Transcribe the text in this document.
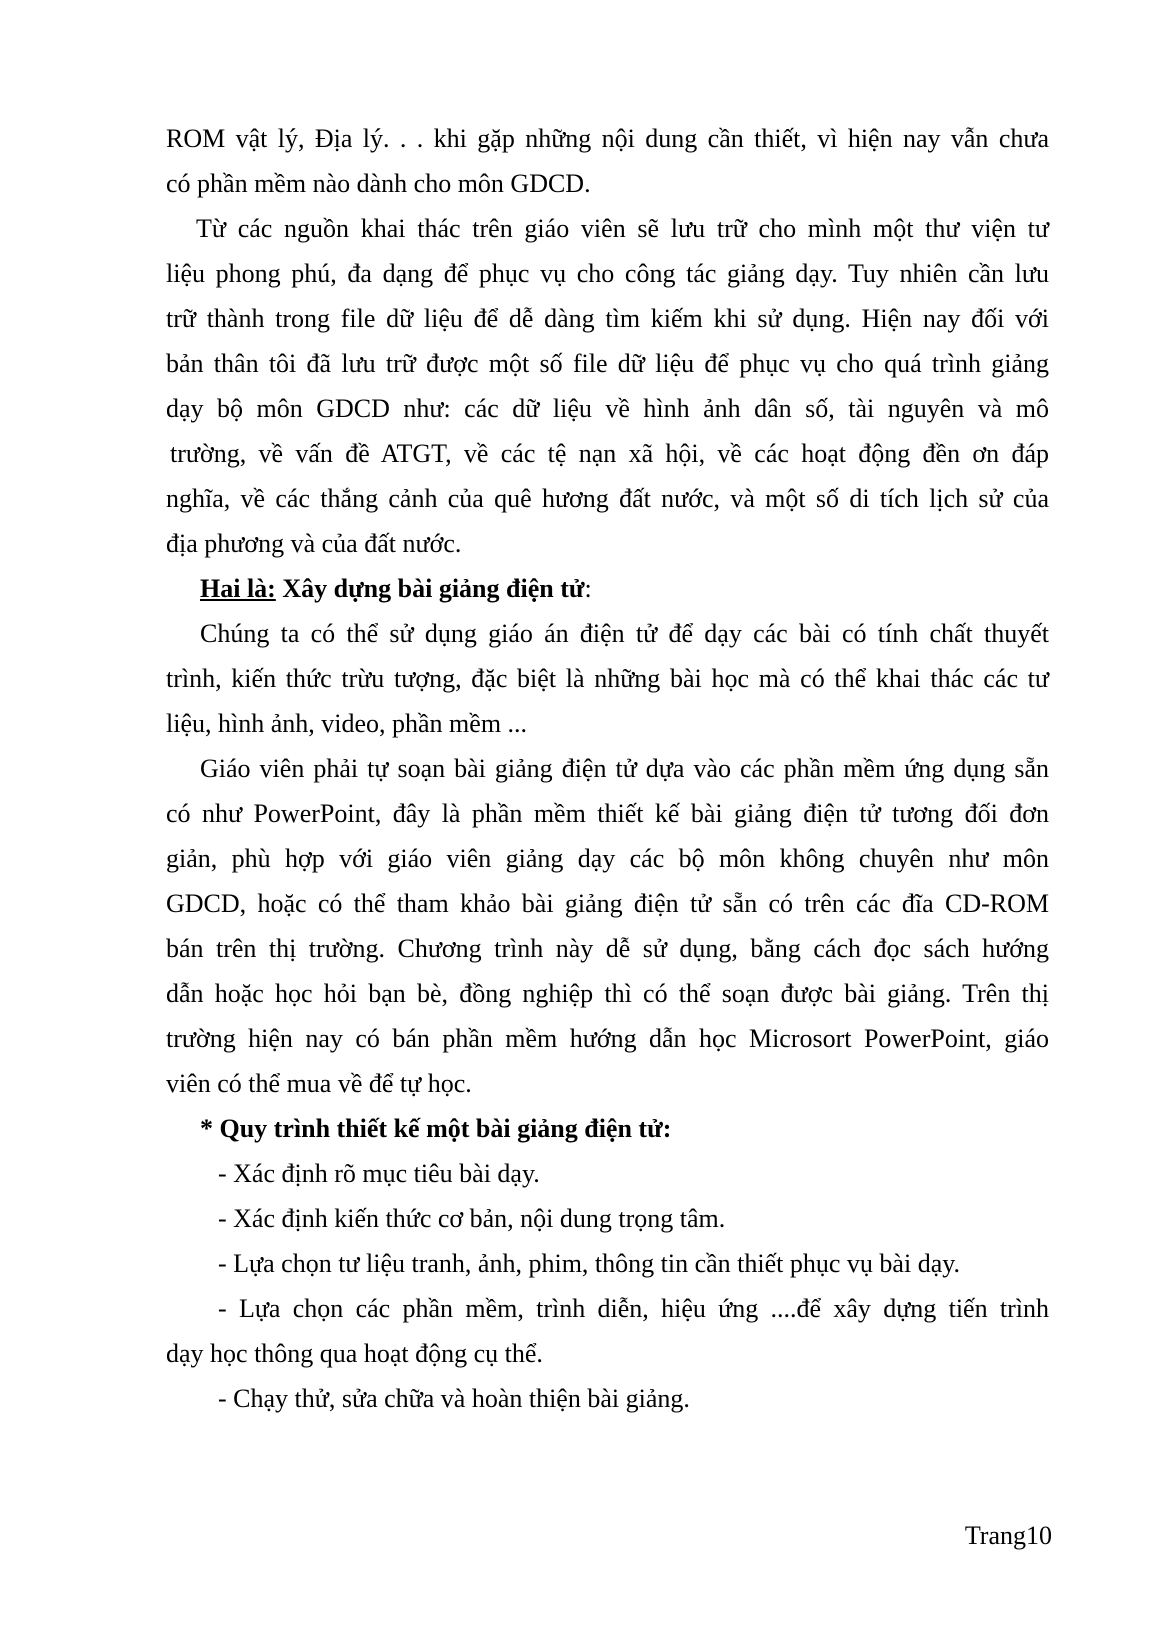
ROM vật lý, Địa lý. . . khi gặp những nội dung cần thiết, vì hiện nay vẫn chưa
có phần mềm nào dành cho môn GDCD.
Từ các nguồn khai thác trên giáo viên sẽ lưu trữ cho mình một thư viện tư
liệu phong phú, đa dạng để phục vụ cho công tác giảng dạy. Tuy nhiên cần lưu
trữ thành trong file dữ liệu để dễ dàng tìm kiếm khi sử dụng. Hiện nay đối với
bản thân tôi đã lưu trữ được một số file dữ liệu để phục vụ cho quá trình giảng
dạy bộ môn GDCD như: các dữ liệu về hình ảnh dân số, tài nguyên và mô
trường, về vấn đề ATGT, về các tệ nạn xã hội, về các hoạt động đền ơn đáp
nghĩa, về các thắng cảnh của quê hương đất nước, và một số di tích lịch sử của
địa phương và của đất nước.
Hai là: Xây dựng bài giảng điện tử:
Chúng ta có thể sử dụng giáo án điện tử để dạy các bài có tính chất thuyết
trình, kiến thức trừu tượng, đặc biệt là những bài học mà có thể khai thác các tư
liệu, hình ảnh, video, phần mềm ...
Giáo viên phải tự soạn bài giảng điện tử dựa vào các phần mềm ứng dụng sẵn
có như PowerPoint, đây là phần mềm thiết kế bài giảng điện tử tương đối đơn
giản, phù hợp với giáo viên giảng dạy các bộ môn không chuyên như môn
GDCD, hoặc có thể tham khảo bài giảng điện tử sẵn có trên các đĩa CD-ROM
bán trên thị trường. Chương trình này dễ sử dụng, bằng cách đọc sách hướng
dẫn hoặc học hỏi bạn bè, đồng nghiệp thì có thể soạn được bài giảng. Trên thị
trường hiện nay có bán phần mềm hướng dẫn học Microsort PowerPoint, giáo
viên có thể mua về để tự học.
* Quy trình thiết kế một bài giảng điện tử:
- Xác định rõ mục tiêu bài dạy.
- Xác định kiến thức cơ bản, nội dung trọng tâm.
- Lựa chọn tư liệu tranh, ảnh, phim, thông tin cần thiết phục vụ bài dạy.
- Lựa chọn các phần mềm, trình diễn, hiệu ứng ....để xây dựng tiến trình
dạy học thông qua hoạt động cụ thể.
- Chạy thử, sửa chữa và hoàn thiện bài giảng.
Trang10
